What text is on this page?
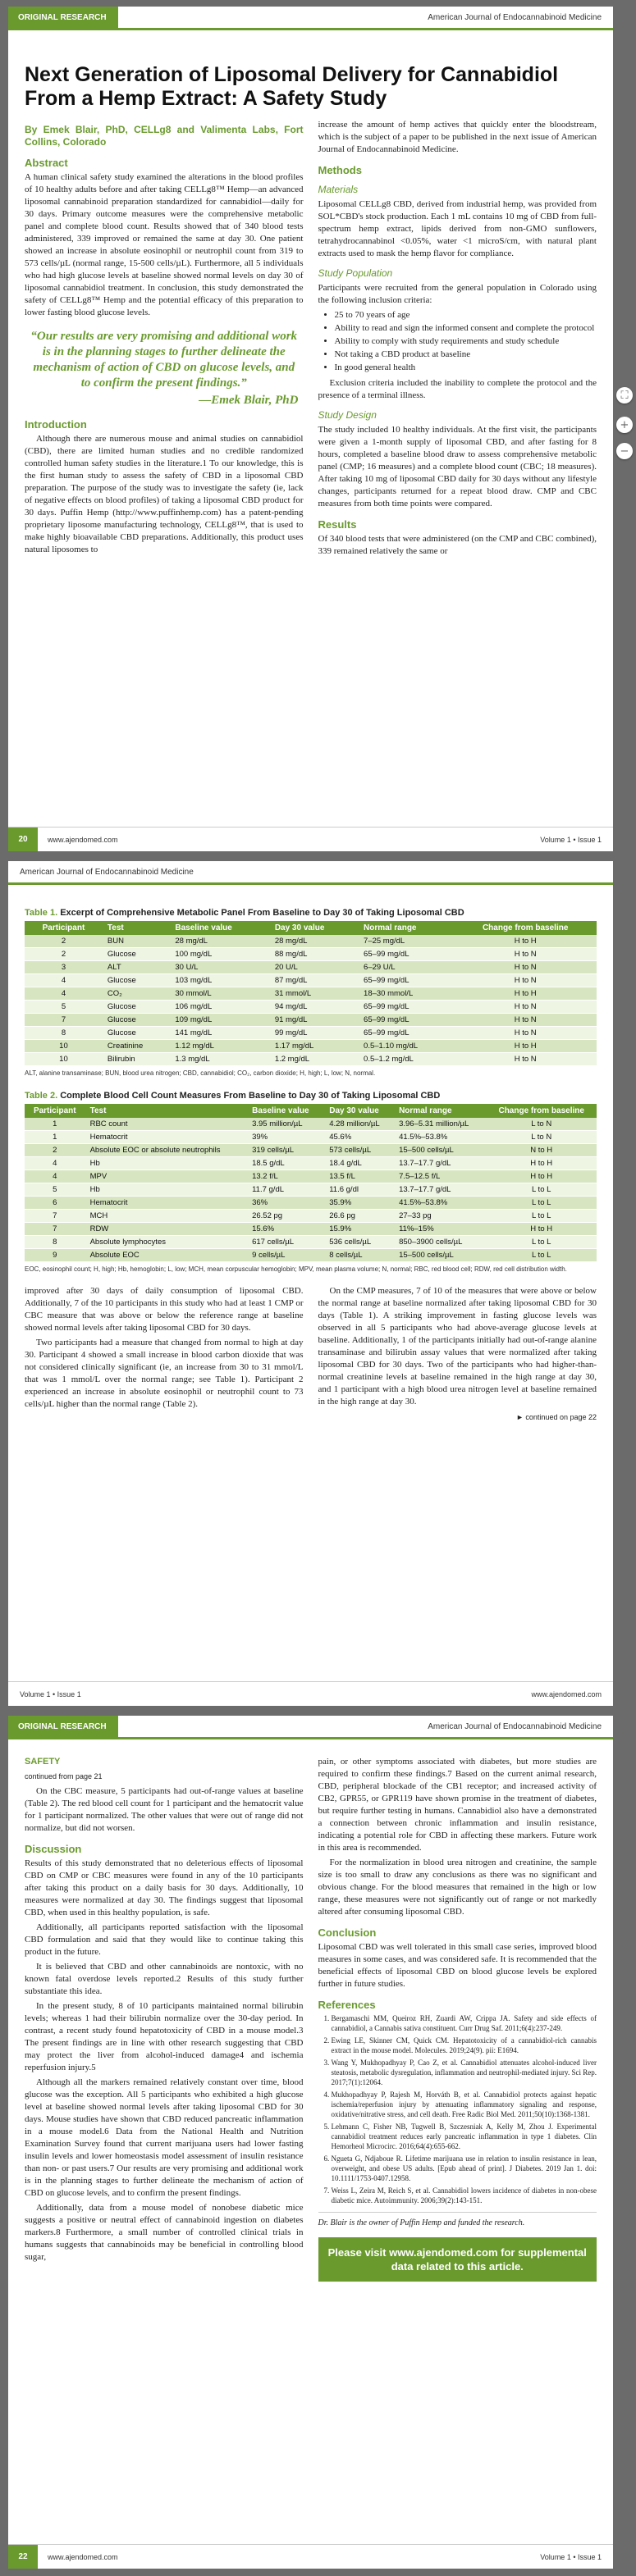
ORIGINAL RESEARCH	American Journal of Endocannabinoid Medicine
Next Generation of Liposomal Delivery for Cannabidiol From a Hemp Extract: A Safety Study
By Emek Blair, PhD, CELLg8 and Valimenta Labs, Fort Collins, Colorado
Abstract

A human clinical safety study examined the alterations in the blood profiles of 10 healthy adults before and after taking CELLg8™ Hemp—an advanced liposomal cannabinoid preparation standardized for cannabidiol—daily for 30 days. Primary outcome measures were the comprehensive metabolic panel and complete blood count. Results showed that of 340 blood tests administered, 339 improved or remained the same at day 30. One patient showed an increase in absolute eosinophil or neutrophil count from 319 to 573 cells/µL (normal range, 15-500 cells/µL). Furthermore, all 5 individuals who had high glucose levels at baseline showed normal levels on day 30 of liposomal cannabidiol treatment. In conclusion, this study demonstrated the safety of CELLg8™ Hemp and the potential efficacy of this preparation to lower fasting blood glucose levels.

“Our results are very promising and additional work is in the planning stages to further delineate the mechanism of action of CBD on glucose levels, and to confirm the present findings.”
—Emek Blair, PhD
Introduction

Although there are numerous mouse and animal studies on cannabidiol (CBD), there are limited human studies and no credible randomized controlled human safety studies in the literature.1 To our knowledge, this is the first human study to assess the safety of CBD in a liposomal CBD preparation. The purpose of the study was to investigate the safety (ie, lack of negative effects on blood profiles) of taking a liposomal CBD product for 30 days. Puffin Hemp (http://www.puffinhemp.com) has a patent-pending proprietary liposome manufacturing technology, CELLg8™, that is used to make highly bioavailable CBD preparations. Additionally, this product uses natural liposomes to

increase the amount of hemp actives that quickly enter the bloodstream, which is the subject of a paper to be published in the next issue of American Journal of Endocannabinoid Medicine.

Methods
Materials

Liposomal CELLg8 CBD, derived from industrial hemp, was provided from SOL*CBD's stock production. Each 1 mL contains 10 mg of CBD from full-spectrum hemp extract, lipids derived from non-GMO sunflowers, tetrahydrocannabinol <0.05%, water <1 microS/cm, with natural plant extracts used to mask the hemp flavor for compliance.

Study Population

Participants were recruited from the general population in Colorado using the following inclusion criteria:

• 25 to 70 years of age
• Ability to read and sign the informed consent and complete the protocol
• Ability to comply with study requirements and study schedule
• Not taking a CBD product at baseline
• In good general health

Exclusion criteria included the inability to complete the protocol and the presence of a terminal illness.

Study Design

The study included 10 healthy individuals. At the first visit, the participants were given a 1-month supply of liposomal CBD, and after fasting for 8 hours, completed a baseline blood draw to assess comprehensive metabolic panel (CMP; 16 measures) and a complete blood count (CBC; 18 measures). After taking 10 mg of liposomal CBD daily for 30 days without any lifestyle changes, participants returned for a repeat blood draw. CMP and CBC measures from both time points were compared.

Results

Of 340 blood tests that were administered (on the CMP and CBC combined), 339 remained relatively the same or

20	www.ajendomed.com	Volume 1 • Issue 1
⛶
+
−
American Journal of Endocannabinoid Medicine
Table 1. Excerpt of Comprehensive Metabolic Panel From Baseline to Day 30 of Taking Liposomal CBD
Participant	Test	Baseline value	Day 30 value	Normal range	Change from baseline
2	BUN	28 mg/dL	28 mg/dL	7–25 mg/dL	H to H
2	Glucose	100 mg/dL	88 mg/dL	65–99 mg/dL	H to N
3	ALT	30 U/L	20 U/L	6–29 U/L	H to N
4	Glucose	103 mg/dL	87 mg/dL	65–99 mg/dL	H to N
4	CO₂	30 mmol/L	31 mmol/L	18–30 mmol/L	H to H
5	Glucose	106 mg/dL	94 mg/dL	65–99 mg/dL	H to N
7	Glucose	109 mg/dL	91 mg/dL	65–99 mg/dL	H to N
8	Glucose	141 mg/dL	99 mg/dL	65–99 mg/dL	H to N
10	Creatinine	1.12 mg/dL	1.17 mg/dL	0.5–1.10 mg/dL	H to H
10	Bilirubin	1.3 mg/dL	1.2 mg/dL	0.5–1.2 mg/dL	H to N
ALT, alanine transaminase; BUN, blood urea nitrogen; CBD, cannabidiol; CO₂, carbon dioxide; H, high; L, low; N, normal.
Table 2. Complete Blood Cell Count Measures From Baseline to Day 30 of Taking Liposomal CBD
Participant	Test	Baseline value	Day 30 value	Normal range	Change from baseline
1	RBC count	3.95 million/µL	4.28 million/µL	3.96–5.31 million/µL	L to N
1	Hematocrit	39%	45.6%	41.5%–53.8%	L to N
2	Absolute EOC or absolute neutrophils	319 cells/µL	573 cells/µL	15–500 cells/µL	N to H
4	Hb	18.5 g/dL	18.4 g/dL	13.7–17.7 g/dL	H to H
4	MPV	13.2 f/L	13.5 f/L	7.5–12.5 f/L	H to H
5	Hb	11.7 g/dL	11.6 g/dl	13.7–17.7 g/dL	L to L
6	Hematocrit	36%	35.9%	41.5%–53.8%	L to L
7	MCH	26.52 pg	26.6 pg	27–33 pg	L to L
7	RDW	15.6%	15.9%	11%–15%	H to H
8	Absolute lymphocytes	617 cells/µL	536 cells/µL	850–3900 cells/µL	L to L
9	Absolute EOC	9 cells/µL	8 cells/µL	15–500 cells/µL	L to L
EOC, eosinophil count; H, high; Hb, hemoglobin; L, low; MCH, mean corpuscular hemoglobin; MPV, mean plasma volume; N, normal; RBC, red blood cell; RDW, red cell distribution width.

improved after 30 days of daily consumption of liposomal CBD. Additionally, 7 of the 10 participants in this study who had at least 1 CMP or CBC measure that was above or below the reference range at baseline showed normal levels after taking liposomal CBD for 30 days.

Two participants had a measure that changed from normal to high at day 30. Participant 4 showed a small increase in blood carbon dioxide that was not considered clinically significant (ie, an increase from 30 to 31 mmol/L that was 1 mmol/L over the normal range; see Table 1). Participant 2 experienced an increase in absolute eosinophil or neutrophil count to 73 cells/µL higher than the normal range (Table 2).

On the CMP measures, 7 of 10 of the measures that were above or below the normal range at baseline normalized after taking liposomal CBD for 30 days (Table 1). A striking improvement in fasting glucose levels was observed in all 5 participants who had above-average glucose levels at baseline. Additionally, 1 of the participants initially had out-of-range alanine transaminase and bilirubin assay values that were normalized after taking liposomal CBD for 30 days. Two of the participants who had higher-than-normal creatinine levels at baseline remained in the high range at day 30, and 1 participant with a high blood urea nitrogen level at baseline remained in the high range at day 30.

► continued on page 22
Volume 1 • Issue 1	www.ajendomed.com
ORIGINAL RESEARCH	American Journal of Endocannabinoid Medicine
SAFETY

continued from page 21

On the CBC measure, 5 participants had out-of-range values at baseline (Table 2). The red blood cell count for 1 participant and the hematocrit value for 1 participant normalized. The other values that were out of range did not normalize, but did not worsen.

Discussion

Results of this study demonstrated that no deleterious effects of liposomal CBD on CMP or CBC measures were found in any of the 10 participants after taking this product on a daily basis for 30 days. Additionally, 10 measures were normalized at day 30. The findings suggest that liposomal CBD, when used in this healthy population, is safe.

Additionally, all participants reported satisfaction with the liposomal CBD formulation and said that they would like to continue taking this product in the future.

It is believed that CBD and other cannabinoids are nontoxic, with no known fatal overdose levels reported.2 Results of this study further substantiate this idea.

In the present study, 8 of 10 participants maintained normal bilirubin levels; whereas 1 had their bilirubin normalize over the 30-day period. In contrast, a recent study found hepatotoxicity of CBD in a mouse model.3 The present findings are in line with other research suggesting that CBD may protect the liver from alcohol-induced damage4 and ischemia reperfusion injury.5

Although all the markers remained relatively constant over time, blood glucose was the exception. All 5 participants who exhibited a high glucose level at baseline showed normal levels after taking liposomal CBD for 30 days. Mouse studies have shown that CBD reduced pancreatic inflammation in a mouse model.6 Data from the National Health and Nutrition Examination Survey found that current marijuana users had lower fasting insulin levels and lower homeostasis model assessment of insulin resistance than non- or past users.7 Our results are very promising and additional work is in the planning stages to further delineate the mechanism of action of CBD on glucose levels, and to confirm the present findings.

Additionally, data from a mouse model of nonobese diabetic mice suggests a positive or neutral effect of cannabinoid ingestion on diabetes markers.8 Furthermore, a small number of controlled clinical trials in humans suggests that cannabinoids may be beneficial in controlling blood sugar,

pain, or other symptoms associated with diabetes, but more studies are required to confirm these findings.7 Based on the current animal research, CBD, peripheral blockade of the CB1 receptor; and increased activity of CB2, GPR55, or GPR119 have shown promise in the treatment of diabetes, but require further testing in humans. Cannabidiol also have a demonstrated a connection between chronic inflammation and insulin resistance, indicating a potential role for CBD in affecting these markers. Future work in this area is recommended.

For the normalization in blood urea nitrogen and creatinine, the sample size is too small to draw any conclusions as there was no significant and obvious change. For the blood measures that remained in the high or low range, these measures were not significantly out of range or not markedly altered after consuming liposomal CBD.

Conclusion

Liposomal CBD was well tolerated in this small case series, improved blood measures in some cases, and was considered safe. It is recommended that the beneficial effects of liposomal CBD on blood glucose levels be explored further in future studies.

References
1. Bergamaschi MM, Queiroz RH, Zuardi AW, Crippa JA. Safety and side effects of cannabidiol, a Cannabis sativa constituent. Curr Drug Saf. 2011;6(4):237-249.
2. Ewing LE, Skinner CM, Quick CM. Hepatotoxicity of a cannabidiol-rich cannabis extract in the mouse model. Molecules. 2019;24(9). pii: E1694.
3. Wang Y, Mukhopadhyay P, Cao Z, et al. Cannabidiol attenuates alcohol-induced liver steatosis, metabolic dysregulation, inflammation and neutrophil-mediated injury. Sci Rep. 2017;7(1):12064.
4. Mukhopadhyay P, Rajesh M, Horváth B, et al. Cannabidiol protects against hepatic ischemia/reperfusion injury by attenuating inflammatory signaling and response, oxidative/nitrative stress, and cell death. Free Radic Biol Med. 2011;50(10):1368-1381.
5. Lehmann C, Fisher NB, Tugwell B, Szczesniak A, Kelly M, Zhou J. Experimental cannabidiol treatment reduces early pancreatic inflammation in type 1 diabetes. Clin Hemorheol Microcirc. 2016;64(4):655-662.
6. Ngueta G, Ndjaboue R. Lifetime marijuana use in relation to insulin resistance in lean, overweight, and obese US adults. [Epub ahead of print]. J Diabetes. 2019 Jan 1. doi: 10.1111/1753-0407.12958.
7. Weiss L, Zeira M, Reich S, et al. Cannabidiol lowers incidence of diabetes in non-obese diabetic mice. Autoimmunity. 2006;39(2):143-151.
Dr. Blair is the owner of Puffin Hemp and funded the research.
Please visit www.ajendomed.com for supplemental data related to this article.
22	www.ajendomed.com	Volume 1 • Issue 1
